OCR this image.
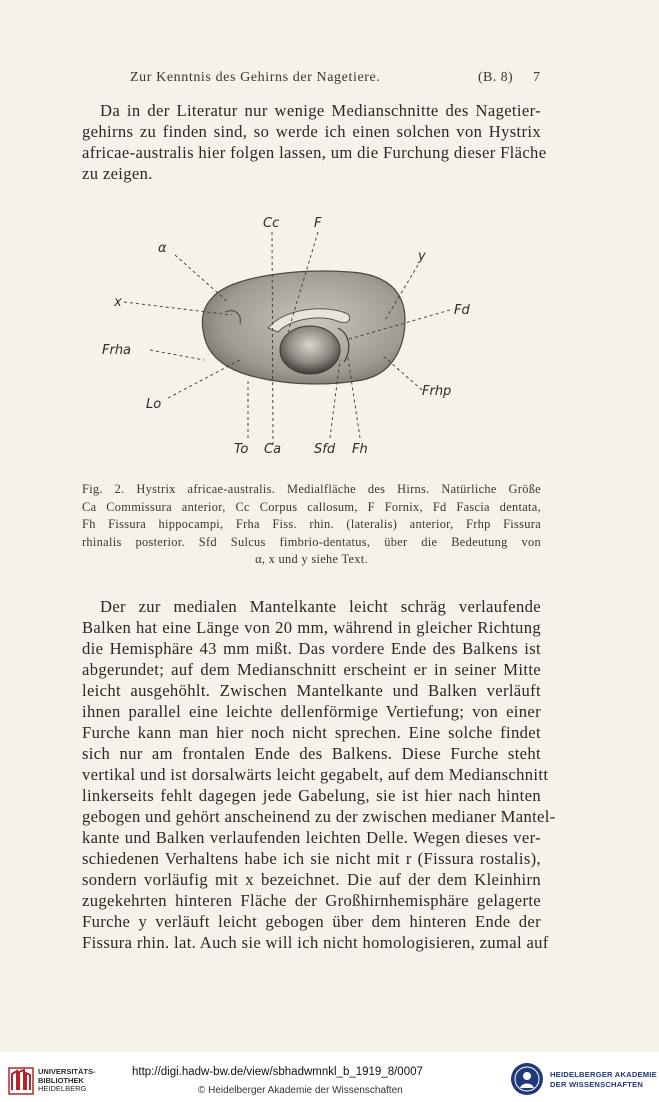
Zur Kenntnis des Gehirns der Nagetiere.	(B. 8) 7
Da in der Literatur nur wenige Medianschnitte des Nagetier-
gehirns zu finden sind, so werde ich einen solchen von Hystrix
africae-australis hier folgen lassen, um die Furchung dieser Fläche
zu zeigen.
Cc	F
α
y
x
Fd
Frha
Frhp
Lo
To Ca	Sfd Fh
Fig. 2. Hystrix africae-australis. Medialfläche des Hirns. Natürliche Größe
Ca Commissura anterior, Cc Corpus callosum, F Fornix, Fd Fascia dentata,
Fh Fissura hippocampi, Frha Fiss. rhin. (lateralis) anterior, Frhp Fissura
rhinalis posterior. Sfd Sulcus fimbrio-dentatus, über die Bedeutung von
α, x und y siehe Text.
Der zur medialen Mantelkante leicht schräg verlaufende
Balken hat eine Länge von 20 mm, während in gleicher Richtung
die Hemisphäre 43 mm mißt. Das vordere Ende des Balkens ist
abgerundet; auf dem Medianschnitt erscheint er in seiner Mitte
leicht ausgehöhlt. Zwischen Mantelkante und Balken verläuft
ihnen parallel eine leichte dellenförmige Vertiefung; von einer
Furche kann man hier noch nicht sprechen. Eine solche findet
sich nur am frontalen Ende des Balkens. Diese Furche steht
vertikal und ist dorsalwärts leicht gegabelt, auf dem Medianschnitt
linkerseits fehlt dagegen jede Gabelung, sie ist hier nach hinten
gebogen und gehört anscheinend zu der zwischen medianer Mantel-
kante und Balken verlaufenden leichten Delle. Wegen dieses ver-
schiedenen Verhaltens habe ich sie nicht mit r (Fissura rostalis),
sondern vorläufig mit x bezeichnet. Die auf der dem Kleinhirn
zugekehrten hinteren Fläche der Großhirnhemisphäre gelagerte
Furche y verläuft leicht gebogen über dem hinteren Ende der
Fissura rhin. lat. Auch sie will ich nicht homologisieren, zumal auf
UNIVERSITÄTS-
BIBLIOTHEK
HEIDELBERG
http://digi.hadw-bw.de/view/sbhadwmnkl_b_1919_8/0007
© Heidelberger Akademie der Wissenschaften
HEIDELBERGER AKADEMIE
DER WISSENSCHAFTEN
